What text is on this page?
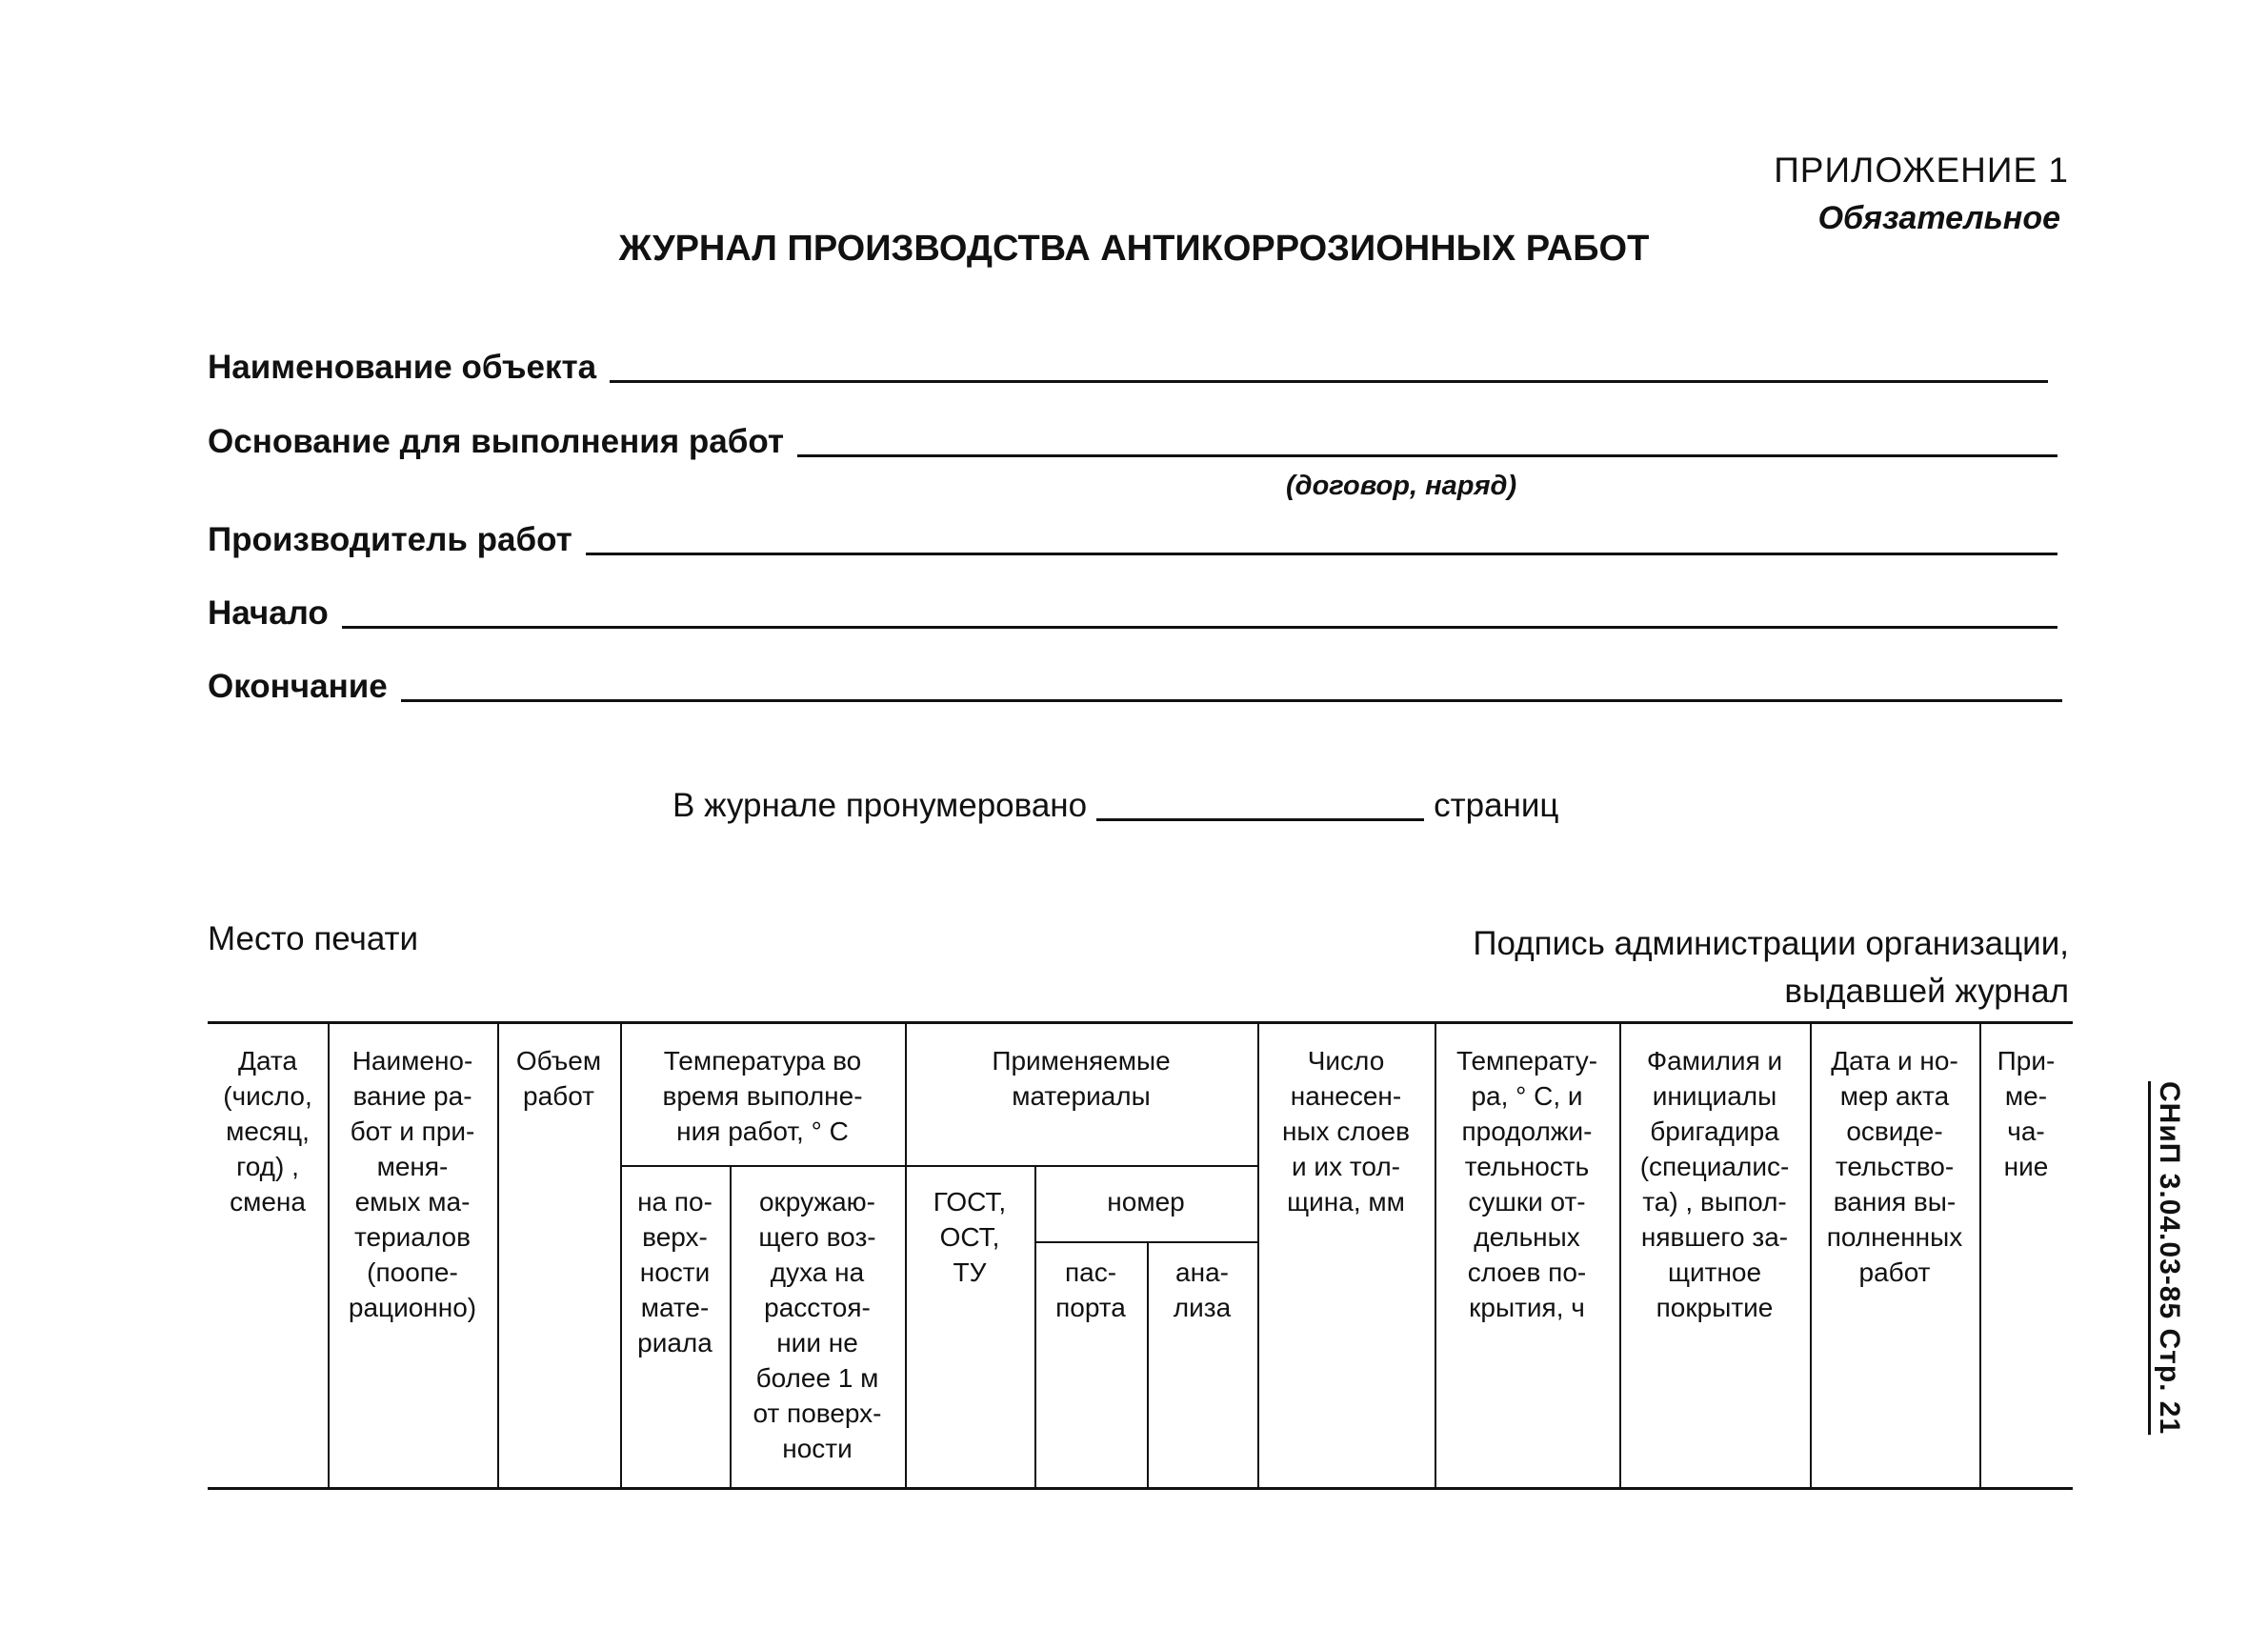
ПРИЛОЖЕНИЕ 1
Обязательное
ЖУРНАЛ ПРОИЗВОДСТВА АНТИКОРРОЗИОННЫХ РАБОТ
Наименование объекта
Основание для выполнения работ
(договор, наряд)
Производитель работ
Начало
Окончание
В журнале пронумеровано	страниц
Место печати	Подпись администрации организации,
выдавшей журнал
СНиП 3.04.03-85 Стр. 21
Дата
(число,
месяц,
год) ,
смена
Наимено-
вание ра-
бот и при-
меня-
емых ма-
териалов
(поопе-
рационно)
Объем
работ
Температура во
время выполне-
ния работ, ° С
на по-
верх-
ности
мате-
риала
окружаю-
щего воз-
духа на
расстоя-
нии не
более 1 м
от поверх-
ности
Применяемые
материалы
ГОСТ,
ОСТ,
ТУ
номер
пас-
порта
ана-
лиза
Число
нанесен-
ных слоев
и их тол-
щина, мм
Температу-
ра, ° С, и
продолжи-
тельность
сушки от-
дельных
слоев по-
крытия, ч
Фамилия и
инициалы
бригадира
(специалис-
та) , выпол-
нявшего за-
щитное
покрытие
Дата и но-
мер акта
освиде-
тельство-
вания вы-
полненных
работ
При-
ме-
ча-
ние
